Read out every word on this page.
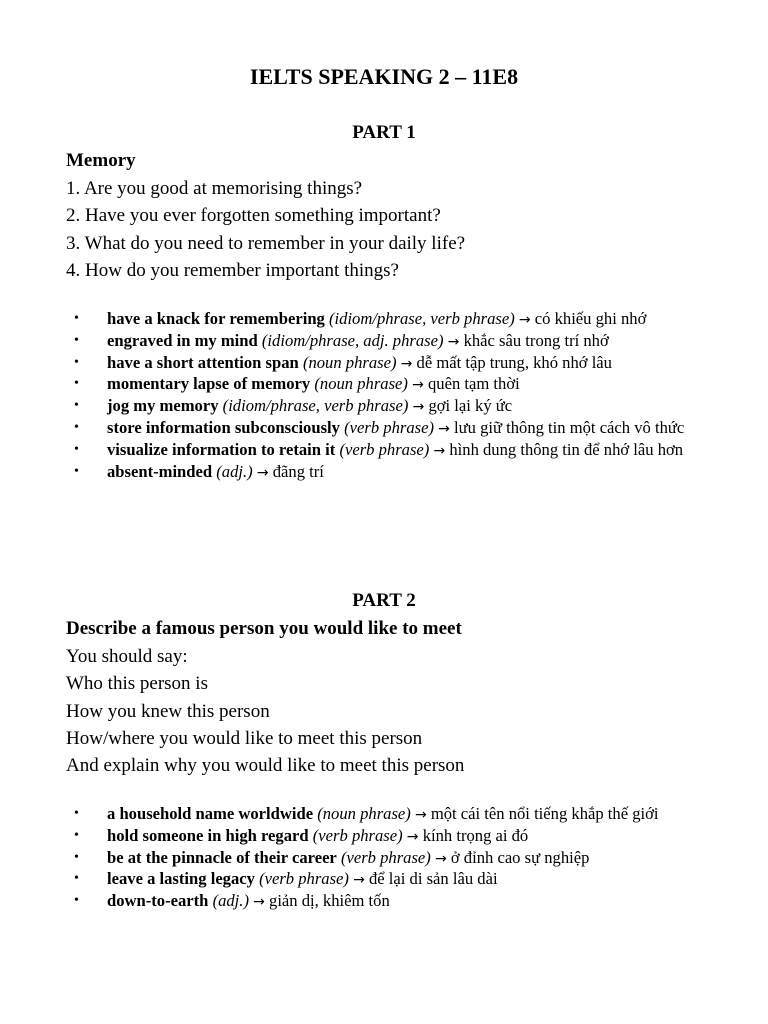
IELTS SPEAKING 2 – 11E8
PART 1
Memory
1. Are you good at memorising things?
2. Have you ever forgotten something important?
3. What do you need to remember in your daily life?
4. How do you remember important things?
• have a knack for remembering (idiom/phrase, verb phrase) → có khiếu ghi nhớ
• engraved in my mind (idiom/phrase, adj. phrase) → khắc sâu trong trí nhớ
• have a short attention span (noun phrase) → dễ mất tập trung, khó nhớ lâu
• momentary lapse of memory (noun phrase) → quên tạm thời
• jog my memory (idiom/phrase, verb phrase) → gợi lại ký ức
• store information subconsciously (verb phrase) → lưu giữ thông tin một cách vô thức
• visualize information to retain it (verb phrase) → hình dung thông tin để nhớ lâu hơn
• absent-minded (adj.) → đãng trí
PART 2
Describe a famous person you would like to meet
You should say:
Who this person is
How you knew this person
How/where you would like to meet this person
And explain why you would like to meet this person
• a household name worldwide (noun phrase) → một cái tên nổi tiếng khắp thế giới
• hold someone in high regard (verb phrase) → kính trọng ai đó
• be at the pinnacle of their career (verb phrase) → ở đỉnh cao sự nghiệp
• leave a lasting legacy (verb phrase) → để lại di sản lâu dài
• down-to-earth (adj.) → giản dị, khiêm tốn
